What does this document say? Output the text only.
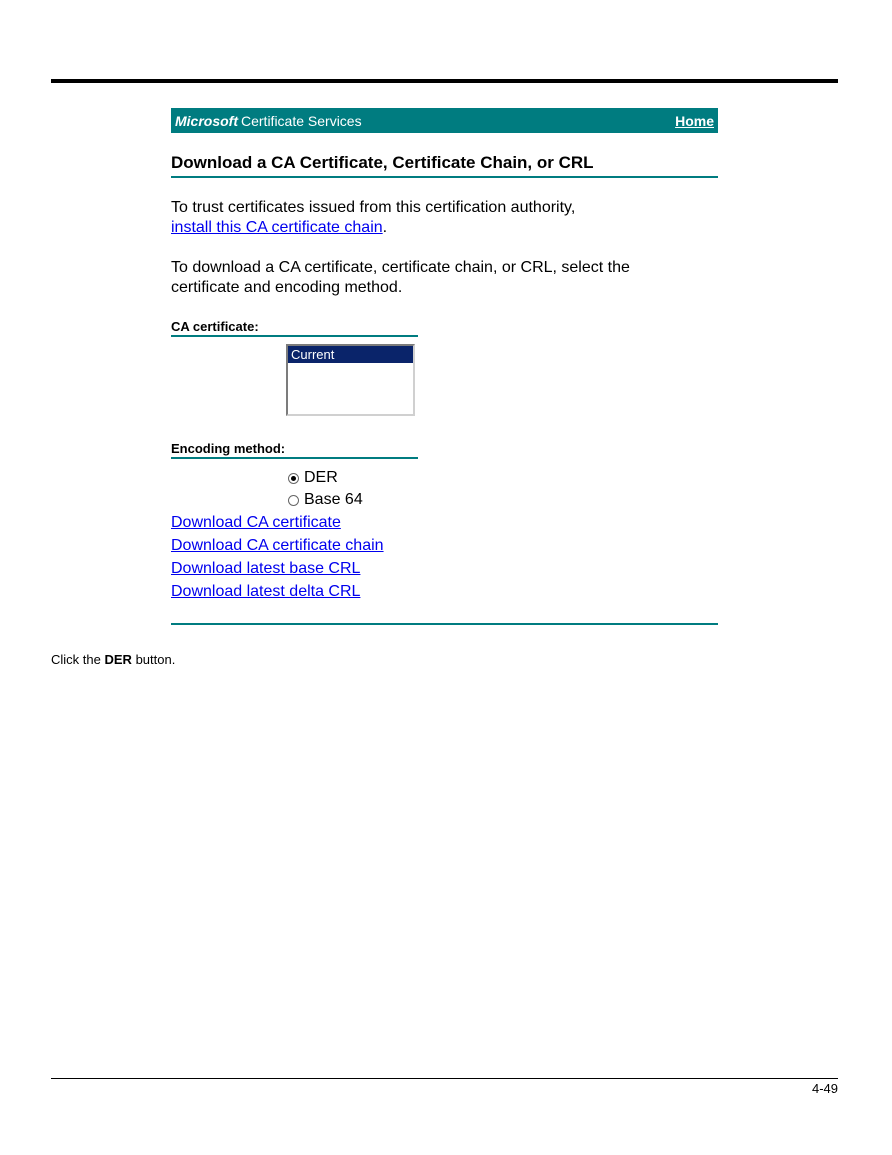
Microsoft Certificate Services	Home
Download a CA Certificate, Certificate Chain, or CRL
To trust certificates issued from this certification authority,
install this CA certificate chain.
To download a CA certificate, certificate chain, or CRL, select the certificate and encoding method.
CA certificate:
Current
Encoding method:
DER
Base 64
Download CA certificate
Download CA certificate chain
Download latest base CRL
Download latest delta CRL
Click the DER button.
4-49
